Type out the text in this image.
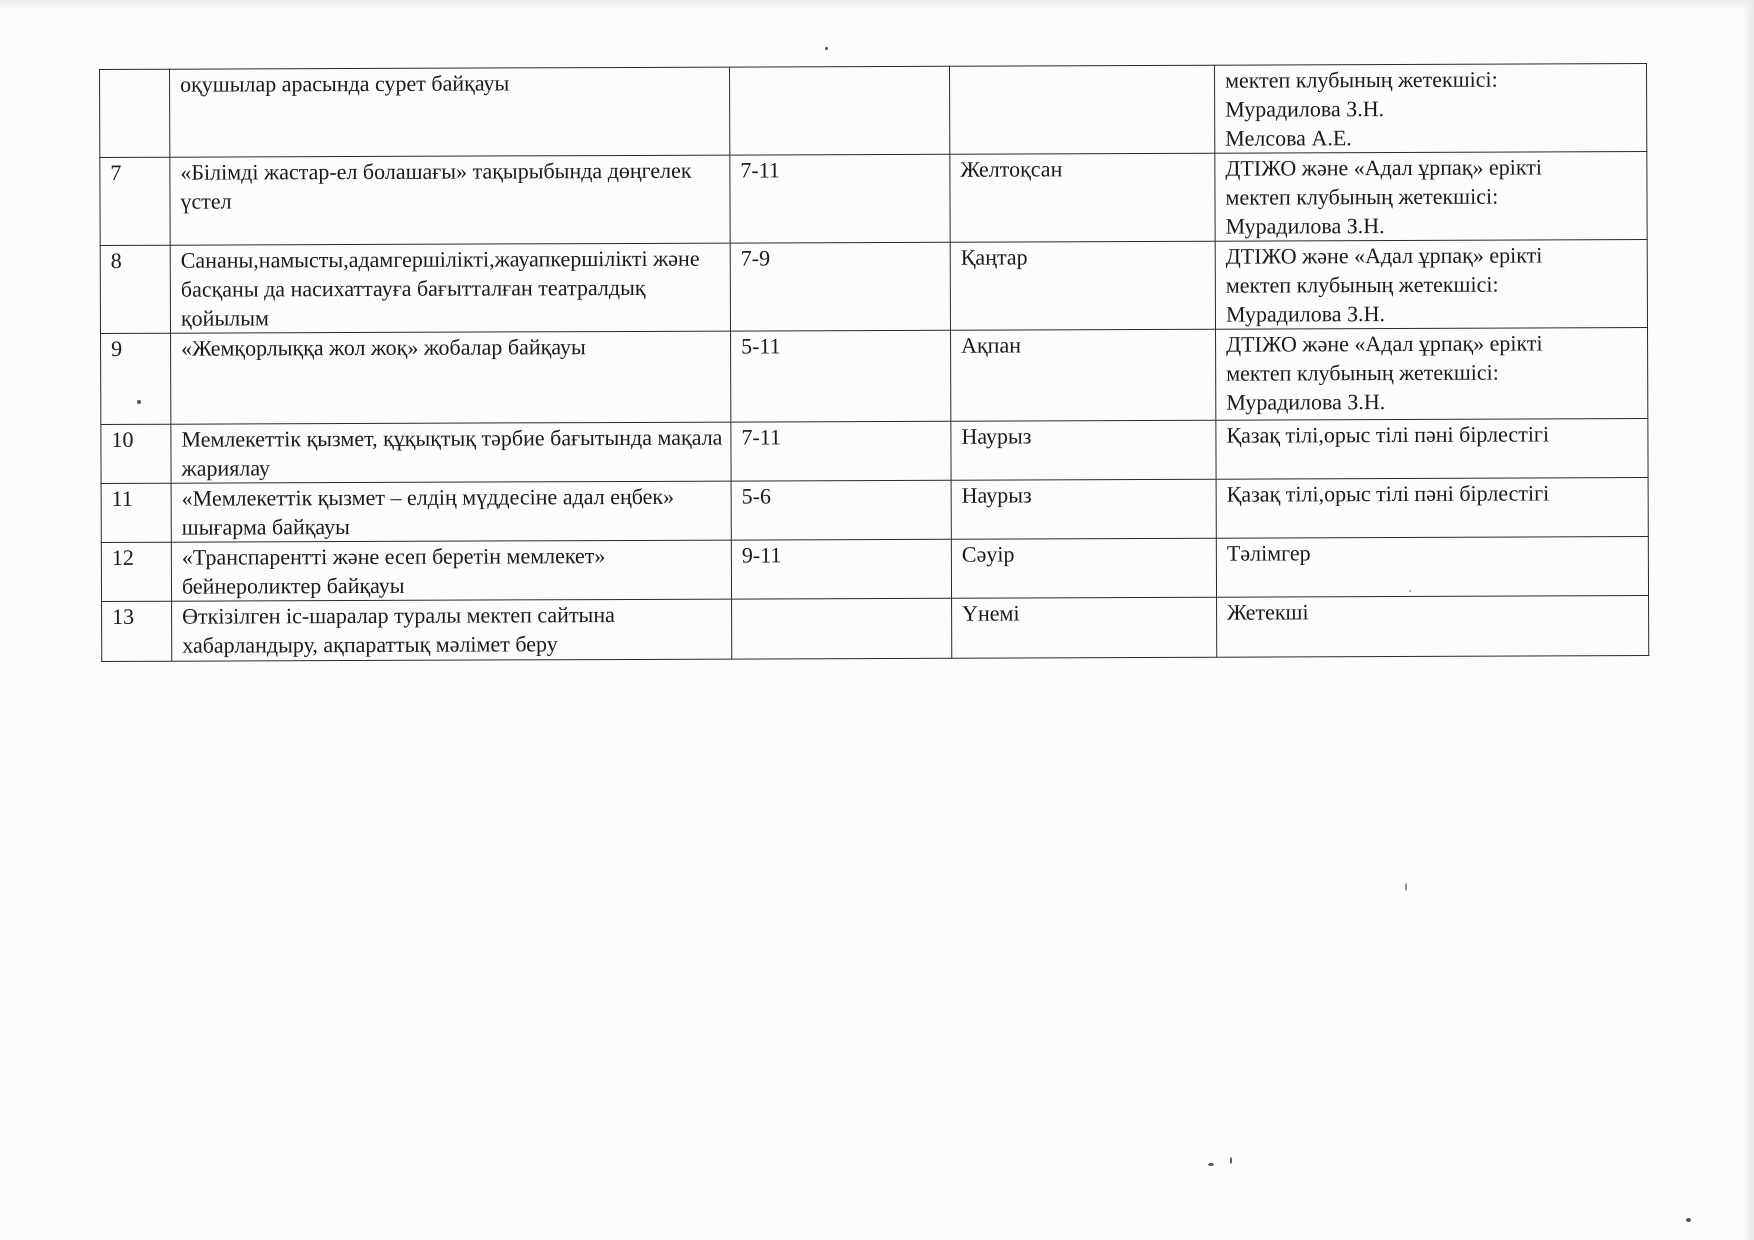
	оқушылар арасында сурет байқауы			мектеп клубының жетекшісі:
Мурадилова З.Н.
Мелсова А.Е.

7	«Білімді жастар-ел болашағы» тақырыбында дөңгелек үстел	7-11	Желтоқсан	ДТІЖО және «Адал ұрпақ» ерікті
мектеп клубының жетекшісі:
Мурадилова З.Н.

8	Сананы,намысты,адамгершілікті,жауапкершілікті және басқаны да насихаттауға бағытталған театралдық қойылым	7-9	Қаңтар	ДТІЖО және «Адал ұрпақ» ерікті
мектеп клубының жетекшісі:
Мурадилова З.Н.

9	«Жемқорлыққа жол жоқ» жобалар байқауы	5-11	Ақпан	ДТІЖО және «Адал ұрпақ» ерікті
мектеп клубының жетекшісі:
Мурадилова З.Н.

10	Мемлекеттік қызмет, құқықтық тәрбие бағытында мақала жариялау	7-11	Наурыз	Қазақ тілі,орыс тілі пәні бірлестігі

11	«Мемлекеттік қызмет – елдің мүддесіне адал еңбек» шығарма байқауы	5-6	Наурыз	Қазақ тілі,орыс тілі пәні бірлестігі

12	«Транспарентті және есеп беретін мемлекет» бейнероликтер байқауы	9-11	Сәуір	Тәлімгер

13	Өткізілген іс-шаралар туралы мектеп сайтына хабарландыру, ақпараттық мәлімет беру		Үнемі	Жетекші
